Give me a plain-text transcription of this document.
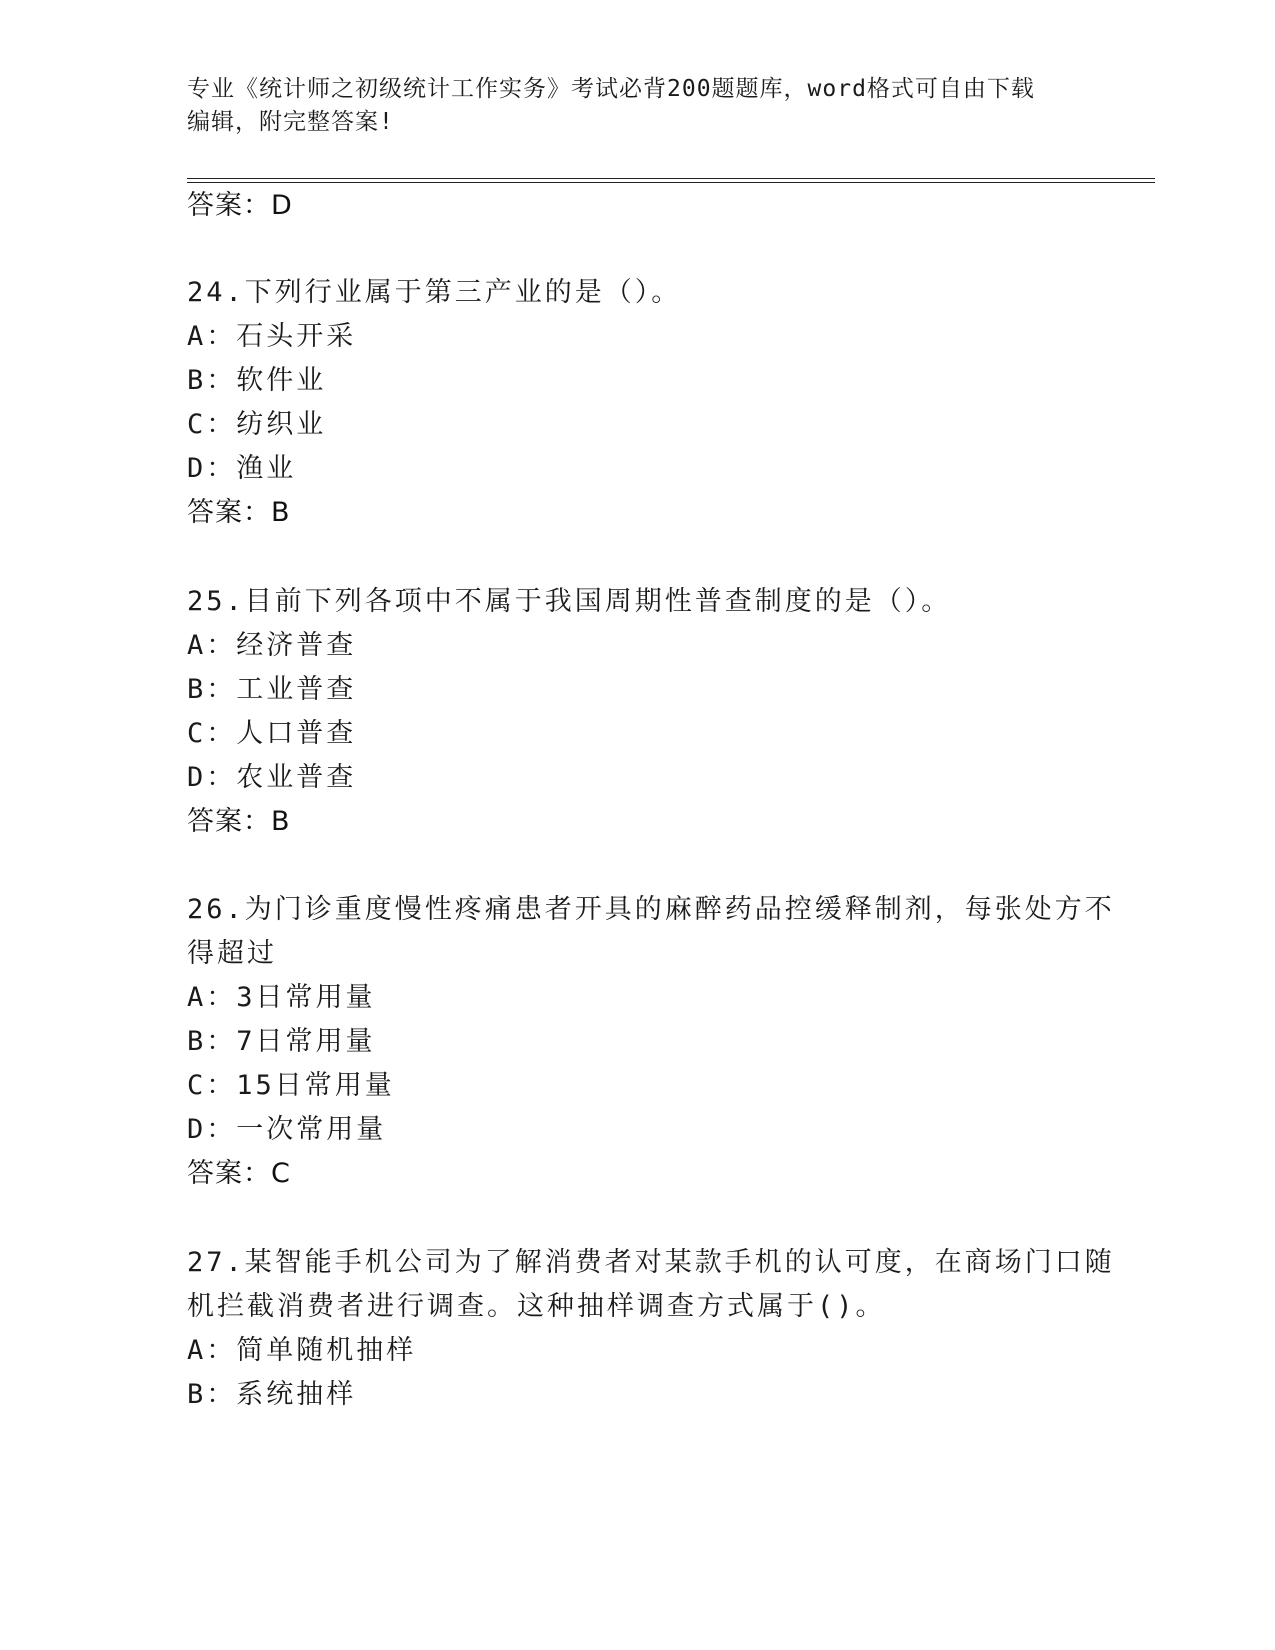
专业《统计师之初级统计工作实务》考试必背200题题库，word格式可自由下载
编辑，附完整答案!
答案：D
24.下列行业属于第三产业的是（）。
A：石头开采
B：软件业
C：纺织业
D：渔业
答案：B
25.目前下列各项中不属于我国周期性普查制度的是（）。
A：经济普查
B：工业普查
C：人口普查
D：农业普查
答案：B
26.为门诊重度慢性疼痛患者开具的麻醉药品控缓释制剂，每张处方不
得超过
A：3日常用量
B：7日常用量
C：15日常用量
D：一次常用量
答案：C
27.某智能手机公司为了解消费者对某款手机的认可度，在商场门口随
机拦截消费者进行调查。这种抽样调查方式属于()。
A：简单随机抽样
B：系统抽样
